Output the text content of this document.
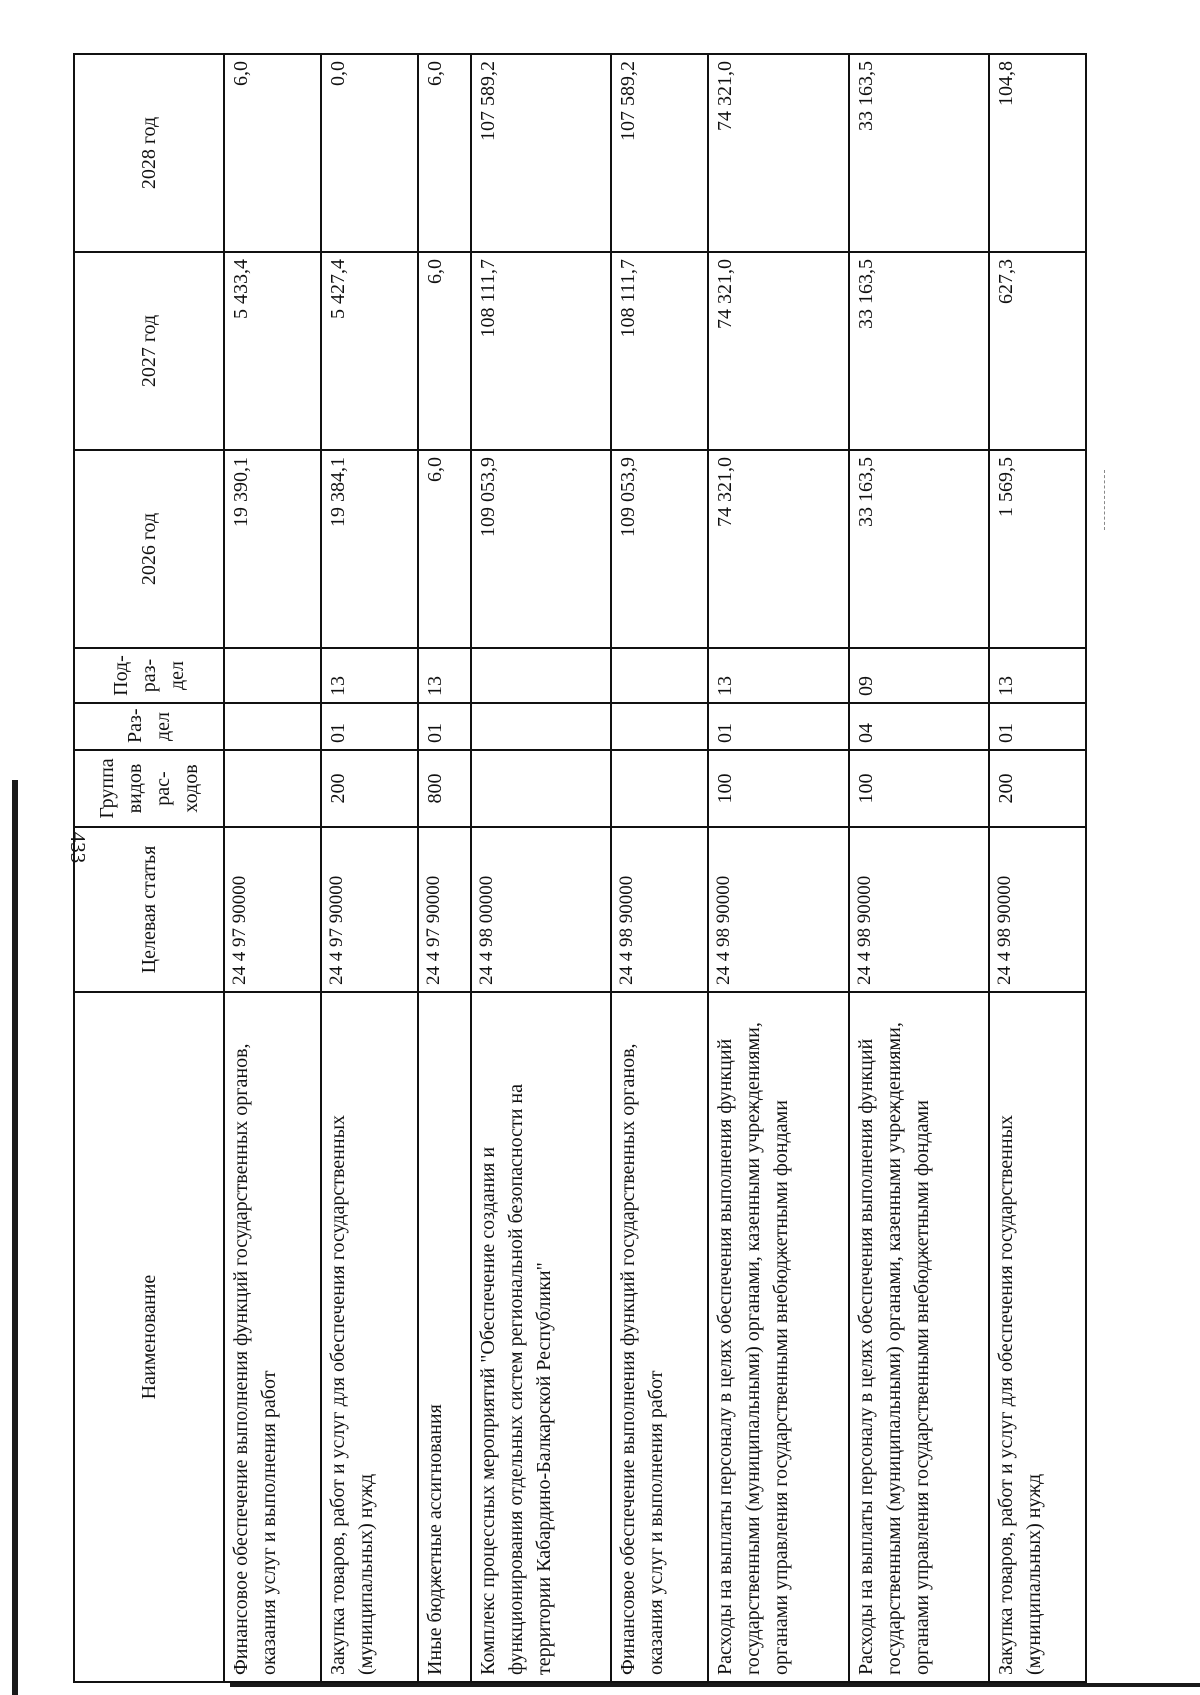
433
Наименование	Целевая статья	Группа видов рас-ходов	Раз-дел	Под-раз-дел	2026 год	2027 год	2028 год
Финансовое обеспечение выполнения функций государственных органов, оказания услуг и выполнения работ	24 4 97 90000				19 390,1	5 433,4	6,0
Закупка товаров, работ и услуг для обеспечения государственных (муниципальных) нужд	24 4 97 90000	200	01	13	19 384,1	5 427,4	0,0
Иные бюджетные ассигнования	24 4 97 90000	800	01	13	6,0	6,0	6,0
Комплекс процессных мероприятий "Обеспечение создания и функционирования отдельных систем региональной безопасности на территории Кабардино-Балкарской Республики"	24 4 98 00000				109 053,9	108 111,7	107 589,2
Финансовое обеспечение выполнения функций государственных органов, оказания услуг и выполнения работ	24 4 98 90000				109 053,9	108 111,7	107 589,2
Расходы на выплаты персоналу в целях обеспечения выполнения функций государственными (муниципальными) органами, казенными учреждениями, органами управления государственными внебюджетными фондами	24 4 98 90000	100	01	13	74 321,0	74 321,0	74 321,0
Расходы на выплаты персоналу в целях обеспечения выполнения функций государственными (муниципальными) органами, казенными учреждениями, органами управления государственными внебюджетными фондами	24 4 98 90000	100	04	09	33 163,5	33 163,5	33 163,5
Закупка товаров, работ и услуг для обеспечения государственных (муниципальных) нужд	24 4 98 90000	200	01	13	1 569,5	627,3	104,8
